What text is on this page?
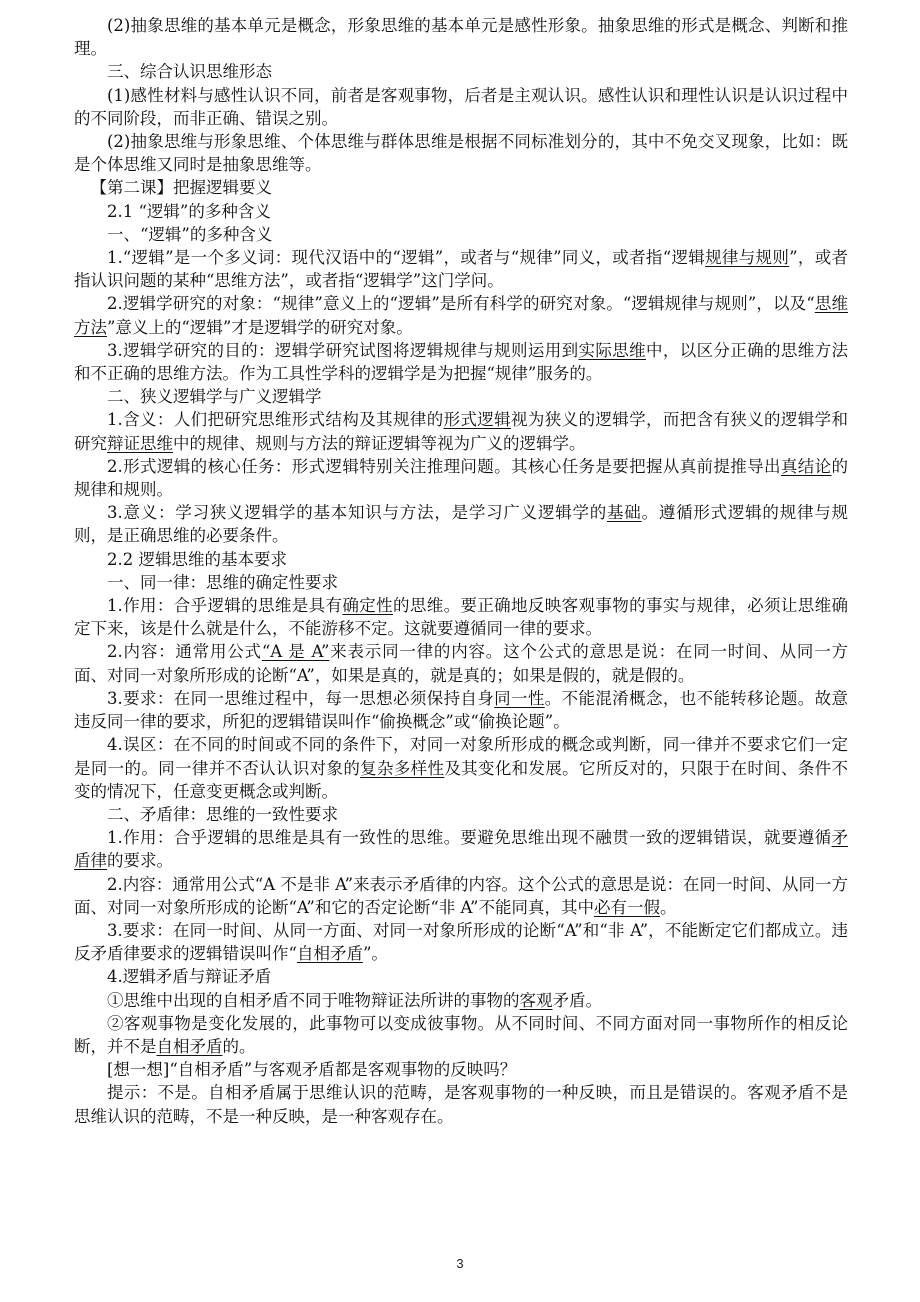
(2)抽象思维的基本单元是概念，形象思维的基本单元是感性形象。抽象思维的形式是概念、判断和推理。

三、综合认识思维形态

(1)感性材料与感性认识不同，前者是客观事物，后者是主观认识。感性认识和理性认识是认识过程中的不同阶段，而非正确、错误之别。

(2)抽象思维与形象思维、个体思维与群体思维是根据不同标准划分的，其中不免交叉现象，比如：既是个体思维又同时是抽象思维等。

【第二课】把握逻辑要义

2.1 “逻辑”的多种含义

一、“逻辑”的多种含义

1.“逻辑”是一个多义词：现代汉语中的“逻辑”，或者与“规律”同义，或者指“逻辑规律与规则”，或者指认识问题的某种“思维方法”，或者指“逻辑学”这门学问。

2.逻辑学研究的对象：“规律”意义上的“逻辑”是所有科学的研究对象。“逻辑规律与规则”，以及“思维方法”意义上的“逻辑”才是逻辑学的研究对象。

3.逻辑学研究的目的：逻辑学研究试图将逻辑规律与规则运用到实际思维中，以区分正确的思维方法和不正确的思维方法。作为工具性学科的逻辑学是为把握“规律”服务的。

二、狭义逻辑学与广义逻辑学

1.含义：人们把研究思维形式结构及其规律的形式逻辑视为狭义的逻辑学，而把含有狭义的逻辑学和研究辩证思维中的规律、规则与方法的辩证逻辑等视为广义的逻辑学。

2.形式逻辑的核心任务：形式逻辑特别关注推理问题。其核心任务是要把握从真前提推导出真结论的规律和规则。

3.意义：学习狭义逻辑学的基本知识与方法，是学习广义逻辑学的基础。遵循形式逻辑的规律与规则，是正确思维的必要条件。

2.2 逻辑思维的基本要求

一、同一律：思维的确定性要求

1.作用：合乎逻辑的思维是具有确定性的思维。要正确地反映客观事物的事实与规律，必须让思维确定下来，该是什么就是什么，不能游移不定。这就要遵循同一律的要求。

2.内容：通常用公式“A 是 A”来表示同一律的内容。这个公式的意思是说：在同一时间、从同一方面、对同一对象所形成的论断“A”，如果是真的，就是真的；如果是假的，就是假的。

3.要求：在同一思维过程中，每一思想必须保持自身同一性。不能混淆概念，也不能转移论题。故意违反同一律的要求，所犯的逻辑错误叫作“偷换概念”或“偷换论题”。

4.误区：在不同的时间或不同的条件下，对同一对象所形成的概念或判断，同一律并不要求它们一定是同一的。同一律并不否认认识对象的复杂多样性及其变化和发展。它所反对的，只限于在时间、条件不变的情况下，任意变更概念或判断。

二、矛盾律：思维的一致性要求

1.作用：合乎逻辑的思维是具有一致性的思维。要避免思维出现不融贯一致的逻辑错误，就要遵循矛盾律的要求。

2.内容：通常用公式“A 不是非 A”来表示矛盾律的内容。这个公式的意思是说：在同一时间、从同一方面、对同一对象所形成的论断“A”和它的否定论断“非 A”不能同真，其中必有一假。

3.要求：在同一时间、从同一方面、对同一对象所形成的论断“A”和“非 A”，不能断定它们都成立。违反矛盾律要求的逻辑错误叫作“自相矛盾”。

4.逻辑矛盾与辩证矛盾

①思维中出现的自相矛盾不同于唯物辩证法所讲的事物的客观矛盾。

②客观事物是变化发展的，此事物可以变成彼事物。从不同时间、不同方面对同一事物所作的相反论断，并不是自相矛盾的。

[想一想]“自相矛盾”与客观矛盾都是客观事物的反映吗？

提示：不是。自相矛盾属于思维认识的范畴，是客观事物的一种反映，而且是错误的。客观矛盾不是思维认识的范畴，不是一种反映，是一种客观存在。

3
